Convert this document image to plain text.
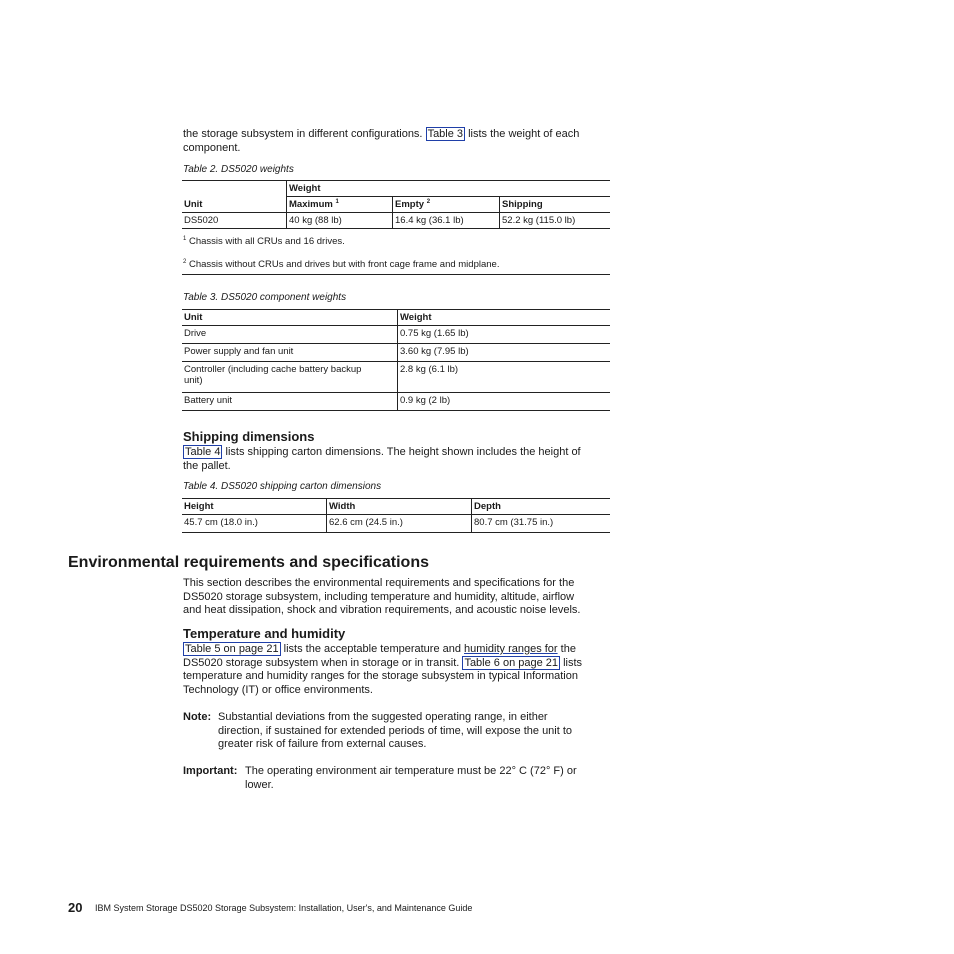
the storage subsystem in different configurations. Table 3 lists the weight of each
component.
Table 2. DS5020 weights
	Weight		
Unit	Maximum $^1$	Empty $^2$	Shipping
DS5020	40 kg (88 lb)	16.4 kg (36.1 lb)	52.2 kg (115.0 lb)
$^1$ Chassis with all CRUs and 16 drives.
$^2$ Chassis without CRUs and drives but with front cage frame and midplane.
Table 3. DS5020 component weights
Unit	Weight
Drive	0.75 kg (1.65 lb)
Power supply and fan unit	3.60 kg (7.95 lb)
Controller (including cache battery backup unit)	2.8 kg (6.1 lb)
Battery unit	0.9 kg (2 lb)
Shipping dimensions
Table 4 lists shipping carton dimensions. The height shown includes the height of
the pallet.
Table 4. DS5020 shipping carton dimensions
Height	Width	Depth
45.7 cm (18.0 in.)	62.6 cm (24.5 in.)	80.7 cm (31.75 in.)
Environmental requirements and specifications
This section describes the environmental requirements and specifications for the
DS5020 storage subsystem, including temperature and humidity, altitude, airflow
and heat dissipation, shock and vibration requirements, and acoustic noise levels.
Temperature and humidity
Table 5 on page 21 lists the acceptable temperature and humidity ranges for the
DS5020 storage subsystem when in storage or in transit. Table 6 on page 21 lists
temperature and humidity ranges for the storage subsystem in typical Information
Technology (IT) or office environments.
Note: Substantial deviations from the suggested operating range, in either
direction, if sustained for extended periods of time, will expose the unit to
greater risk of failure from external causes.
Important: The operating environment air temperature must be 22° C (72° F) or
lower.
20 IBM System Storage DS5020 Storage Subsystem: Installation, User's, and Maintenance Guide
